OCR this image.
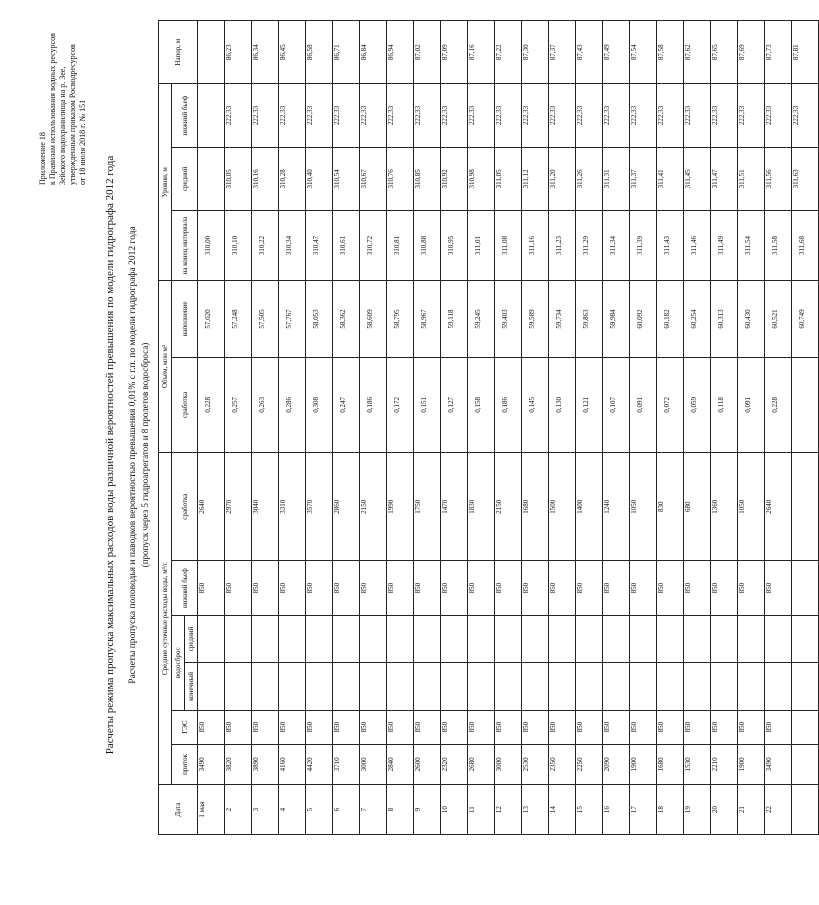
Приложение 18 к Правилам использования водных ресурсов Зейского водохранилища на р. Зее, утвержденным приказом Росводресурсов от 18 июля 2018 г. № 151
Расчеты режима пропуска максимальных расходов воды различной вероятностей превышения по модели гидрографа 2012 года Расчеты пропуска половодья и паводков вероятностью превышения 0,01% с г.п. по модели гидрографа 2012 года (пропуск через 5 гидроагрегатов и 8 пролетов водосброса)
Дата	Средние суточные расходы воды, м³/с						Объем, млн м³		Уровни, м			Напор, м
	приток	ГЭС	водосброс		нижний бьеф	сработка	сработка	наполнение	на конец интервала	средний	нижний бьеф	
			конечный	средний								

1 мая	3490	850			850	2640	0,228	57,020	310,00			

2	3820	850			850	2970	0,257	57,248	310,10	310,05	222,33	86,23

3	3890	850			850	3040	0,263	57,505	310,22	310,16	222,33	86,34

4	4160	850			850	3310	0,286	57,767	310,34	310,28	222,33	86,45

5	4420	850			850	3570	0,308	58,053	310,47	310,40	222,33	86,58

6	3710	850			850	2860	0,247	58,362	310,61	310,54	222,33	86,71

7	3000	850			850	2150	0,186	58,609	310,72	310,67	222,33	86,84

8	2840	850			850	1990	0,172	58,795	310,81	310,76	222,33	86,94

9	2600	850			850	1750	0,151	58,967	310,88	310,85	222,33	87,02

10	2320	850			850	1470	0,127	59,118	310,95	310,92	222,33	87,09

11	2680	850			850	1830	0,158	59,245	311,01	310,98	222,33	87,16

12	3000	850			850	2150	0,186	59,403	311,08	311,05	222,33	87,22

13	2530	850			850	1680	0,145	59,589	311,16	311,12	222,33	87,30

14	2350	850			850	1500	0,130	59,734	311,23	311,20	222,33	87,37

15	2250	850			850	1400	0,121	59,863	311,29	311,26	222,33	87,43

16	2090	850			850	1240	0,107	59,984	311,34	311,31	222,33	87,49

17	1900	850			850	1050	0,091	60,092	311,39	311,37	222,33	87,54

18	1680	850			850	830	0,072	60,182	311,43	311,41	222,33	87,58

19	1530	850			850	680	0,059	60,254	311,46	311,45	222,33	87,62

20	2210	850			850	1360	0,118	60,313	311,49	311,47	222,33	87,65

21	1900	850			850	1050	0,091	60,430	311,54	311,51	222,33	87,69

22	3490	850			850	2640	0,228	60,521	311,58	311,56	222,33	87,73

								60,749	311,68	311,63	222,33	87,81
